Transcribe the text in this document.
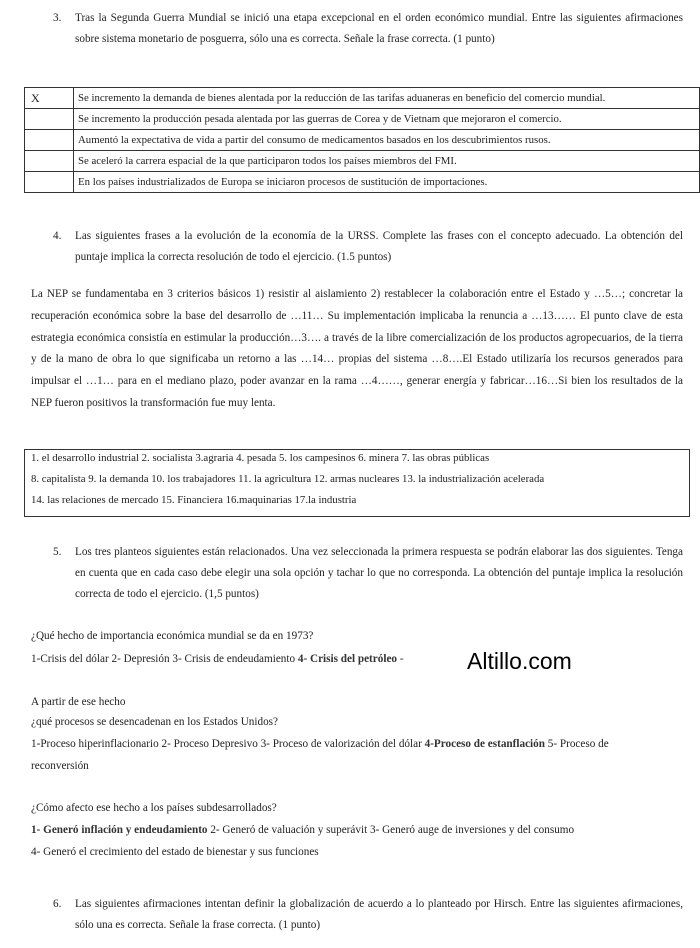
3. Tras la Segunda Guerra Mundial se inició una etapa excepcional en el orden económico mundial. Entre las siguientes afirmaciones sobre sistema monetario de posguerra, sólo una es correcta. Señale la frase correcta. (1 punto)
X	Se incremento la demanda de bienes alentada por la reducción de las tarifas aduaneras en beneficio del comercio mundial.
	Se incremento la producción pesada alentada por las guerras de Corea y de Vietnam que mejoraron el comercio.
	Aumentó la expectativa de vida a partir del consumo de medicamentos basados en los descubrimientos rusos.
	Se aceleró la carrera espacial de la que participaron todos los países miembros del FMI.
	En los países industrializados de Europa se iniciaron procesos de sustitución de importaciones.
4. Las siguientes frases a la evolución de la economía de la URSS. Complete las frases con el concepto adecuado. La obtención del puntaje implica la correcta resolución de todo el ejercicio. (1.5 puntos)
La NEP se fundamentaba en 3 criterios básicos 1) resistir al aislamiento 2) restablecer la colaboración entre el Estado y …5…; concretar la recuperación económica sobre la base del desarrollo de …11… Su implementación implicaba la renuncia a …13…… El punto clave de esta estrategia económica consistía en estimular la producción…3…. a través de la libre comercialización de los productos agropecuarios, de la tierra y de la mano de obra lo que significaba un retorno a las …14… propias del sistema …8….El Estado utilizaría los recursos generados para impulsar el …1… para en el mediano plazo, poder avanzar en la rama …4……, generar energía y fabricar…16…Si bien los resultados de la NEP fueron positivos la transformación fue muy lenta.
1. el desarrollo industrial 2. socialista 3.agraria 4. pesada 5. los campesinos 6. minera 7. las obras públicas
8. capitalista 9. la demanda 10. los trabajadores 11. la agricultura 12. armas nucleares 13. la industrialización acelerada
14. las relaciones de mercado 15. Financiera 16.maquinarias 17.la industria
5. Los tres planteos siguientes están relacionados. Una vez seleccionada la primera respuesta se podrán elaborar las dos siguientes. Tenga en cuenta que en cada caso debe elegir una sola opción y tachar lo que no corresponda. La obtención del puntaje implica la resolución correcta de todo el ejercicio. (1,5 puntos)
¿Qué hecho de importancia económica mundial se da en 1973?
1-Crisis del dólar 2- Depresión 3- Crisis de endeudamiento 4- Crisis del petróleo -	Altillo.com
A partir de ese hecho
¿qué procesos se desencadenan en los Estados Unidos?
1-Proceso hiperinflacionario 2- Proceso Depresivo 3- Proceso de valorización del dólar 4-Proceso de estanflación 5- Proceso de
reconversión
¿Cómo afecto ese hecho a los países subdesarrollados?
1- Generó inflación y endeudamiento 2- Generó de valuación y superávit 3- Generó auge de inversiones y del consumo
4- Generó el crecimiento del estado de bienestar y sus funciones
6. Las siguientes afirmaciones intentan definir la globalización de acuerdo a lo planteado por Hirsch. Entre las siguientes afirmaciones, sólo una es correcta. Señale la frase correcta. (1 punto)
